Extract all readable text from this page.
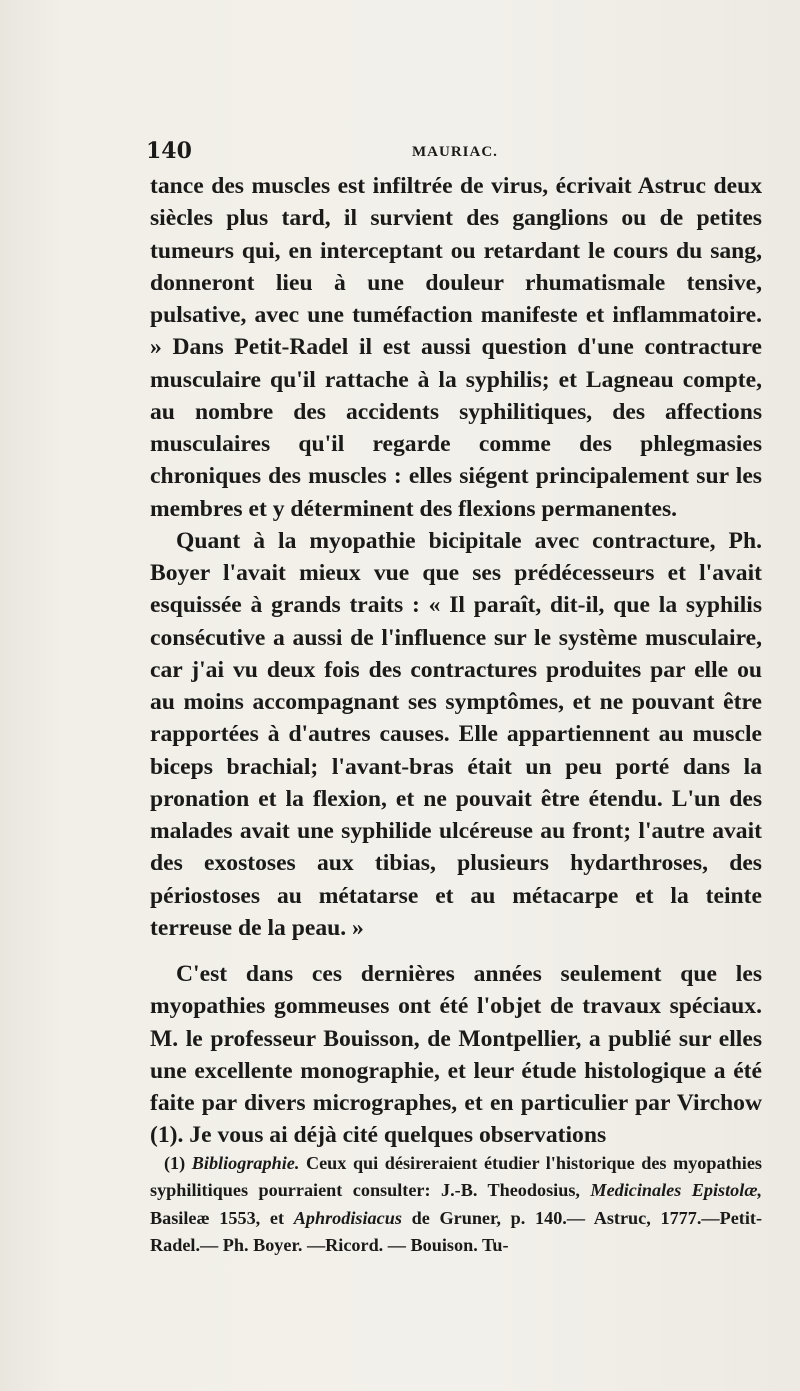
140	MAURIAC.

tance des muscles est infiltrée de virus, écrivait Astruc deux siècles plus tard, il survient des ganglions ou de petites tumeurs qui, en interceptant ou retardant le cours du sang, donneront lieu à une douleur rhumatismale tensive, pulsative, avec une tuméfaction manifeste et inflammatoire. » Dans Petit-Radel il est aussi question d'une contracture musculaire qu'il rattache à la syphilis; et Lagneau compte, au nombre des accidents syphilitiques, des affections musculaires qu'il regarde comme des phlegmasies chroniques des muscles : elles siégent principalement sur les membres et y déterminent des flexions permanentes.

Quant à la myopathie bicipitale avec contracture, Ph. Boyer l'avait mieux vue que ses prédécesseurs et l'avait esquissée à grands traits : « Il paraît, dit-il, que la syphilis consécutive a aussi de l'influence sur le système musculaire, car j'ai vu deux fois des contractures produites par elle ou au moins accompagnant ses symptômes, et ne pouvant être rapportées à d'autres causes. Elle appartiennent au muscle biceps brachial; l'avant-bras était un peu porté dans la pronation et la flexion, et ne pouvait être étendu. L'un des malades avait une syphilide ulcéreuse au front; l'autre avait des exostoses aux tibias, plusieurs hydarthroses, des périostoses au métatarse et au métacarpe et la teinte terreuse de la peau. »

C'est dans ces dernières années seulement que les myopathies gommeuses ont été l'objet de travaux spéciaux. M. le professeur Bouisson, de Montpellier, a publié sur elles une excellente monographie, et leur étude histologique a été faite par divers micrographes, et en particulier par Virchow (1). Je vous ai déjà cité quelques observations

(1) Bibliographie. Ceux qui désireraient étudier l'historique des myopathies syphilitiques pourraient consulter: J.-B. Theodosius, Medicinales Epistolæ, Basileæ 1553, et Aphrodisiacus de Gruner, p. 140.— Astruc, 1777.—Petit-Radel.— Ph. Boyer. —Ricord. — Bouison. Tu-
